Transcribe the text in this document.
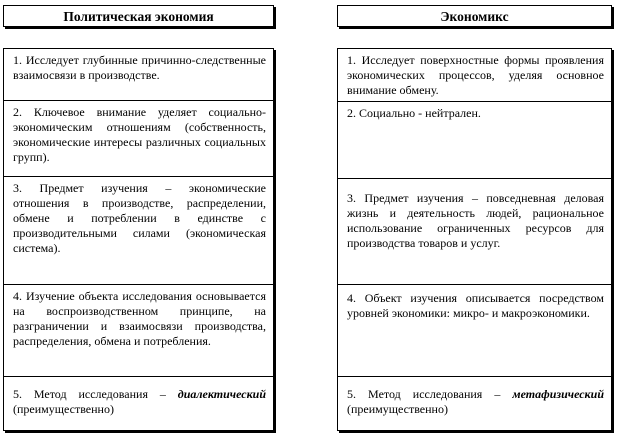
Политическая экономия	Экономикс
1. Исследует глубинные причинно-следственные взаимосвязи в производстве.
2. Ключевое внимание уделяет социально-экономическим отношениям (собственность, экономические интересы различных социальных групп).
3. Предмет изучения – экономические отношения в производстве, распределении, обмене и потреблении в единстве с производительными силами (экономическая система).
4. Изучение объекта исследования основывается на воспроизводственном принципе, на разграничении и взаимосвязи производства, распределения, обмена и потребления.
5. Метод исследования – диалектический (преимущественно)
1. Исследует поверхностные формы проявления экономических процессов, уделяя основное внимание обмену.
2. Социально - нейтрален.
3. Предмет изучения – повседневная деловая жизнь и деятельность людей, рациональное использование ограниченных ресурсов для производства товаров и услуг.
4. Объект изучения описывается посредством уровней экономики: микро- и макроэкономики.
5. Метод исследования – метафизический (преимущественно)
